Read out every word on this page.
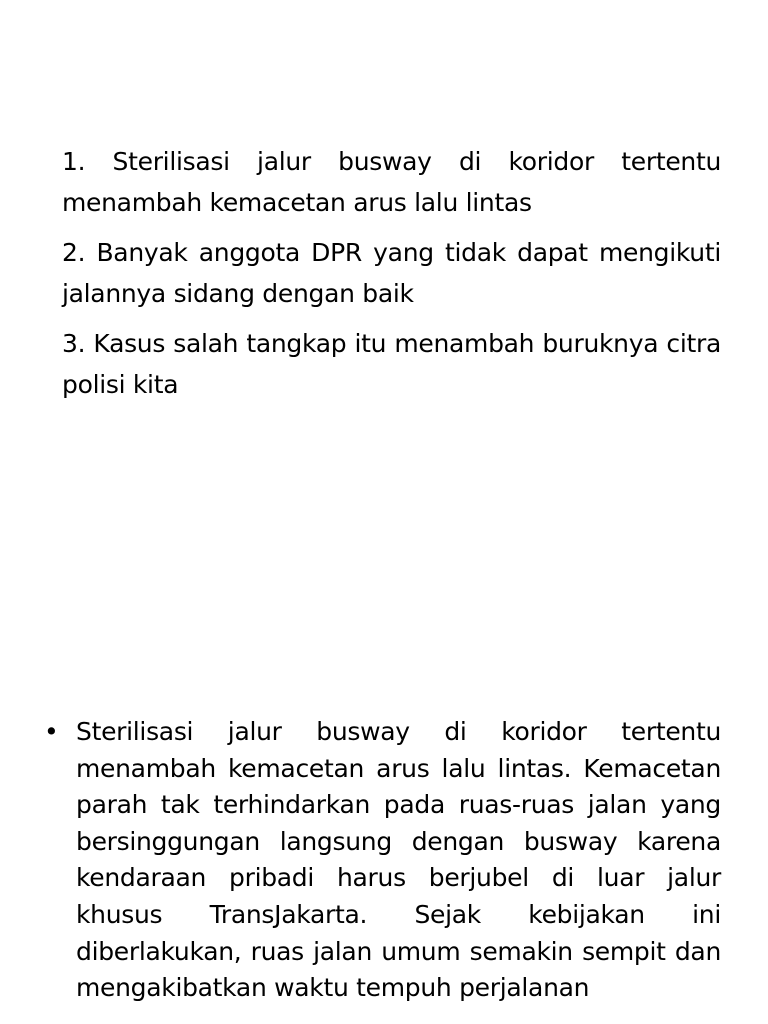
1. Sterilisasi jalur busway di koridor tertentu menambah kemacetan arus lalu lintas
2. Banyak anggota DPR yang tidak dapat mengikuti jalannya sidang dengan baik
3. Kasus salah tangkap itu menambah buruknya citra polisi kita
• Sterilisasi jalur busway di koridor tertentu menambah kemacetan arus lalu lintas. Kemacetan parah tak terhindarkan pada ruas-ruas jalan yang bersinggungan langsung dengan busway karena kendaraan pribadi harus berjubel di luar jalur khusus TransJakarta. Sejak kebijakan ini diberlakukan, ruas jalan umum semakin sempit dan mengakibatkan waktu tempuh perjalanan
